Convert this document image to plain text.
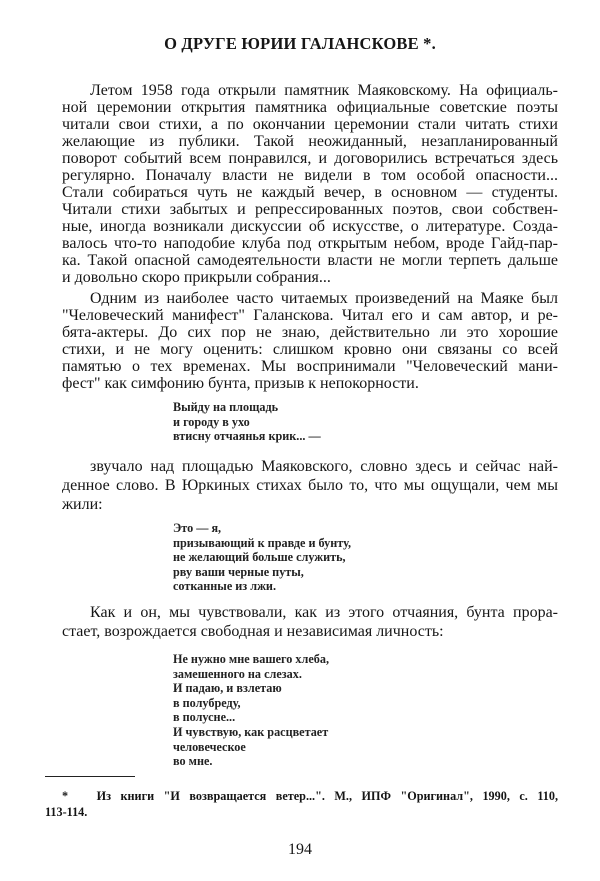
О ДРУГЕ ЮРИИ ГАЛАНСКОВЕ *.
Летом 1958 года открыли памятник Маяковскому. На официаль-
ной церемонии открытия памятника официальные советские поэты
читали свои стихи, а по окончании церемонии стали читать стихи
желающие из публики. Такой неожиданный, незапланированный
поворот событий всем понравился, и договорились встречаться здесь
регулярно. Поначалу власти не видели в том особой опасности...
Стали собираться чуть не каждый вечер, в основном — студенты.
Читали стихи забытых и репрессированных поэтов, свои собствен-
ные, иногда возникали дискуссии об искусстве, о литературе. Созда-
валось что-то наподобие клуба под открытым небом, вроде Гайд-пар-
ка. Такой опасной самодеятельности власти не могли терпеть дальше
и довольно скоро прикрыли собрания...
Одним из наиболее часто читаемых произведений на Маяке был
"Человеческий манифест" Галанскова. Читал его и сам автор, и ре-
бята-актеры. До сих пор не знаю, действительно ли это хорошие
стихи, и не могу оценить: слишком кровно они связаны со всей
памятью о тех временах. Мы воспринимали "Человеческий мани-
фест" как симфонию бунта, призыв к непокорности.
Выйду на площадь
и городу в ухо
втисну отчаянья крик... —
звучало над площадью Маяковского, словно здесь и сейчас най-
денное слово. В Юркиных стихах было то, что мы ощущали, чем мы
жили:
Это — я,
призывающий к правде и бунту,
не желающий больше служить,
рву ваши черные путы,
сотканные из лжи.
Как и он, мы чувствовали, как из этого отчаяния, бунта прора-
стает, возрождается свободная и независимая личность:
Не нужно мне вашего хлеба,
замешенного на слезах.
И падаю, и взлетаю
в полубреду,
в полусне...
И чувствую, как расцветает
человеческое
во мне.
* Из книги "И возвращается ветер...". М., ИПФ "Оригинал", 1990, с. 110,
113-114.
194
